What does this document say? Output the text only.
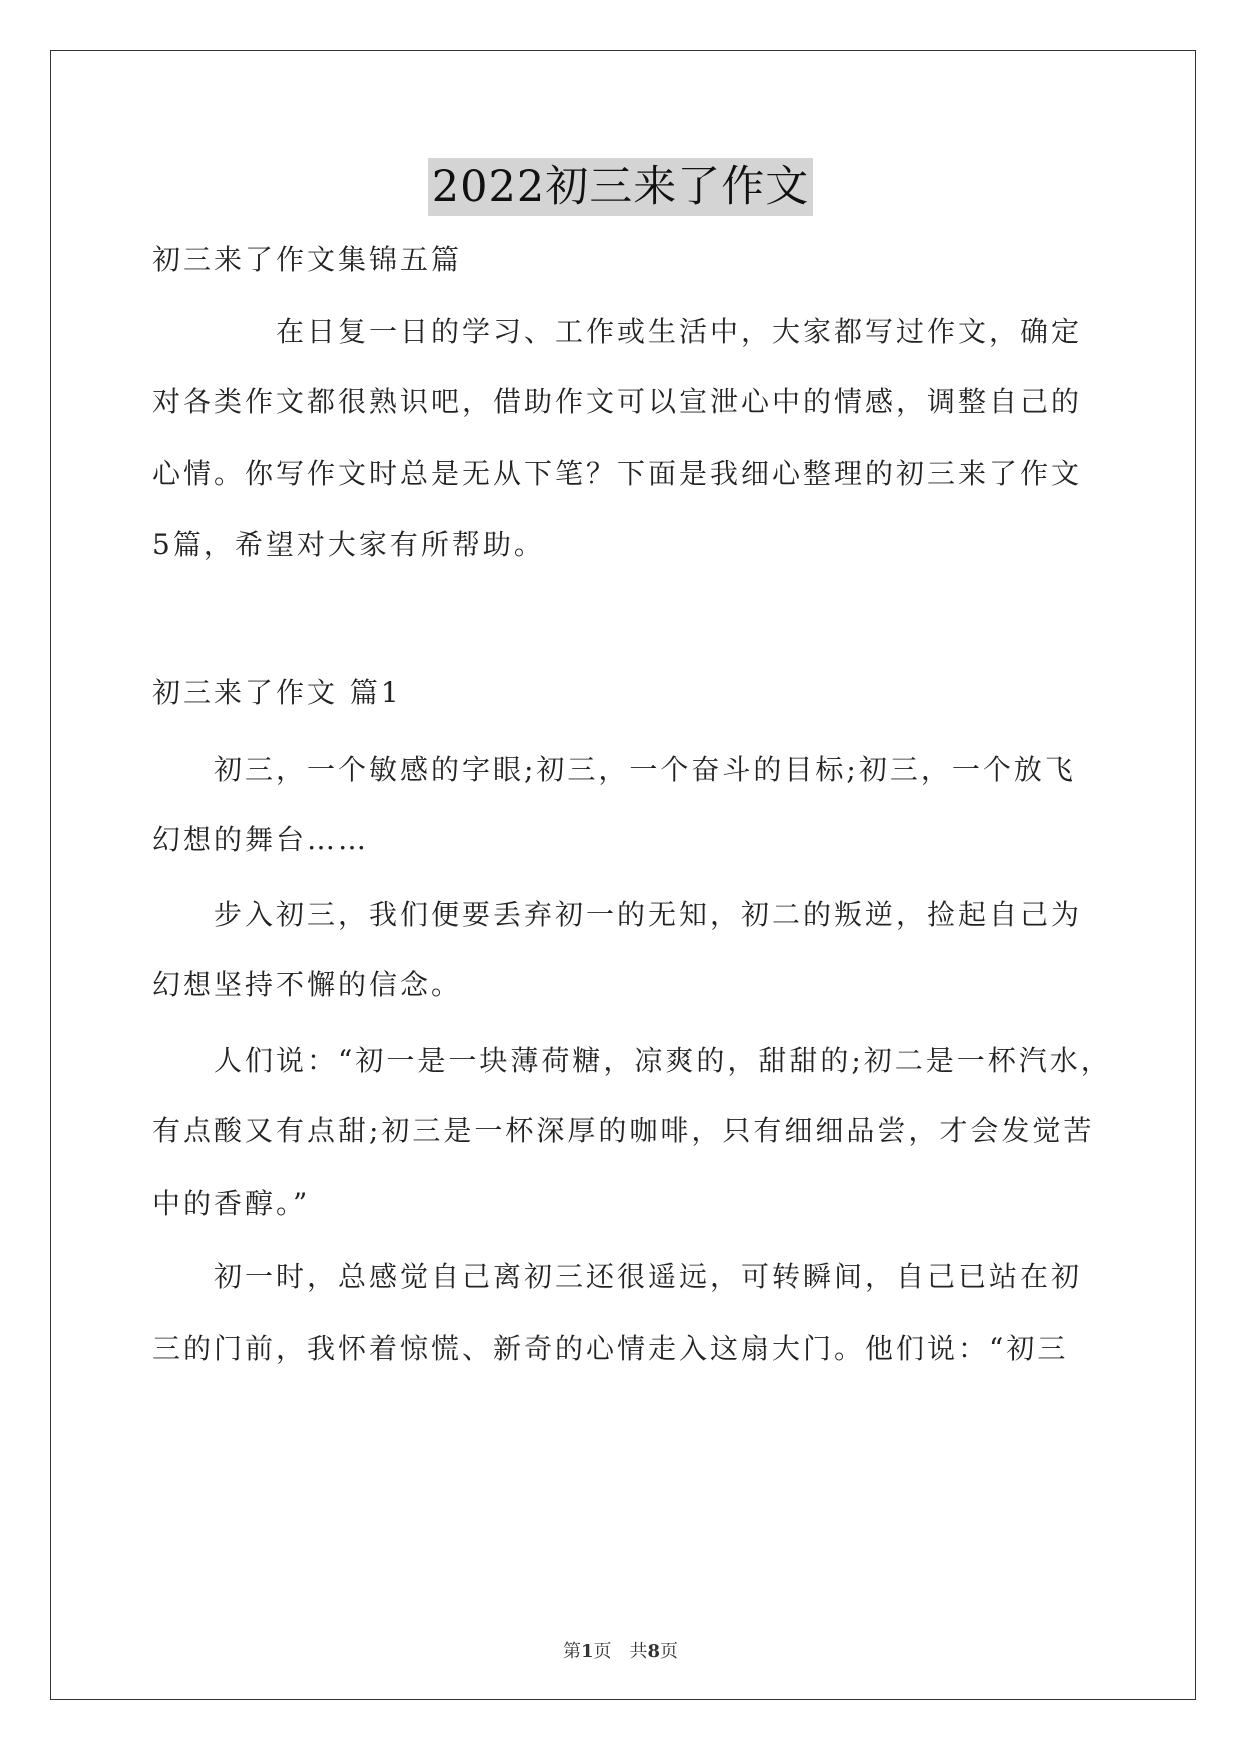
2022初三来了作文
初三来了作文集锦五篇
在日复一日的学习、工作或生活中，大家都写过作文，确定
对各类作文都很熟识吧，借助作文可以宣泄心中的情感，调整自己的
心情。你写作文时总是无从下笔？下面是我细心整理的初三来了作文
5篇，希望对大家有所帮助。
初三来了作文 篇1
初三，一个敏感的字眼;初三，一个奋斗的目标;初三，一个放飞
幻想的舞台……
步入初三，我们便要丢弃初一的无知，初二的叛逆，捡起自己为
幻想坚持不懈的信念。
人们说：“初一是一块薄荷糖，凉爽的，甜甜的;初二是一杯汽水，
有点酸又有点甜;初三是一杯深厚的咖啡，只有细细品尝，才会发觉苦
中的香醇。”
初一时，总感觉自己离初三还很遥远，可转瞬间，自己已站在初
三的门前，我怀着惊慌、新奇的心情走入这扇大门。他们说：“初三
第1页 共8页
